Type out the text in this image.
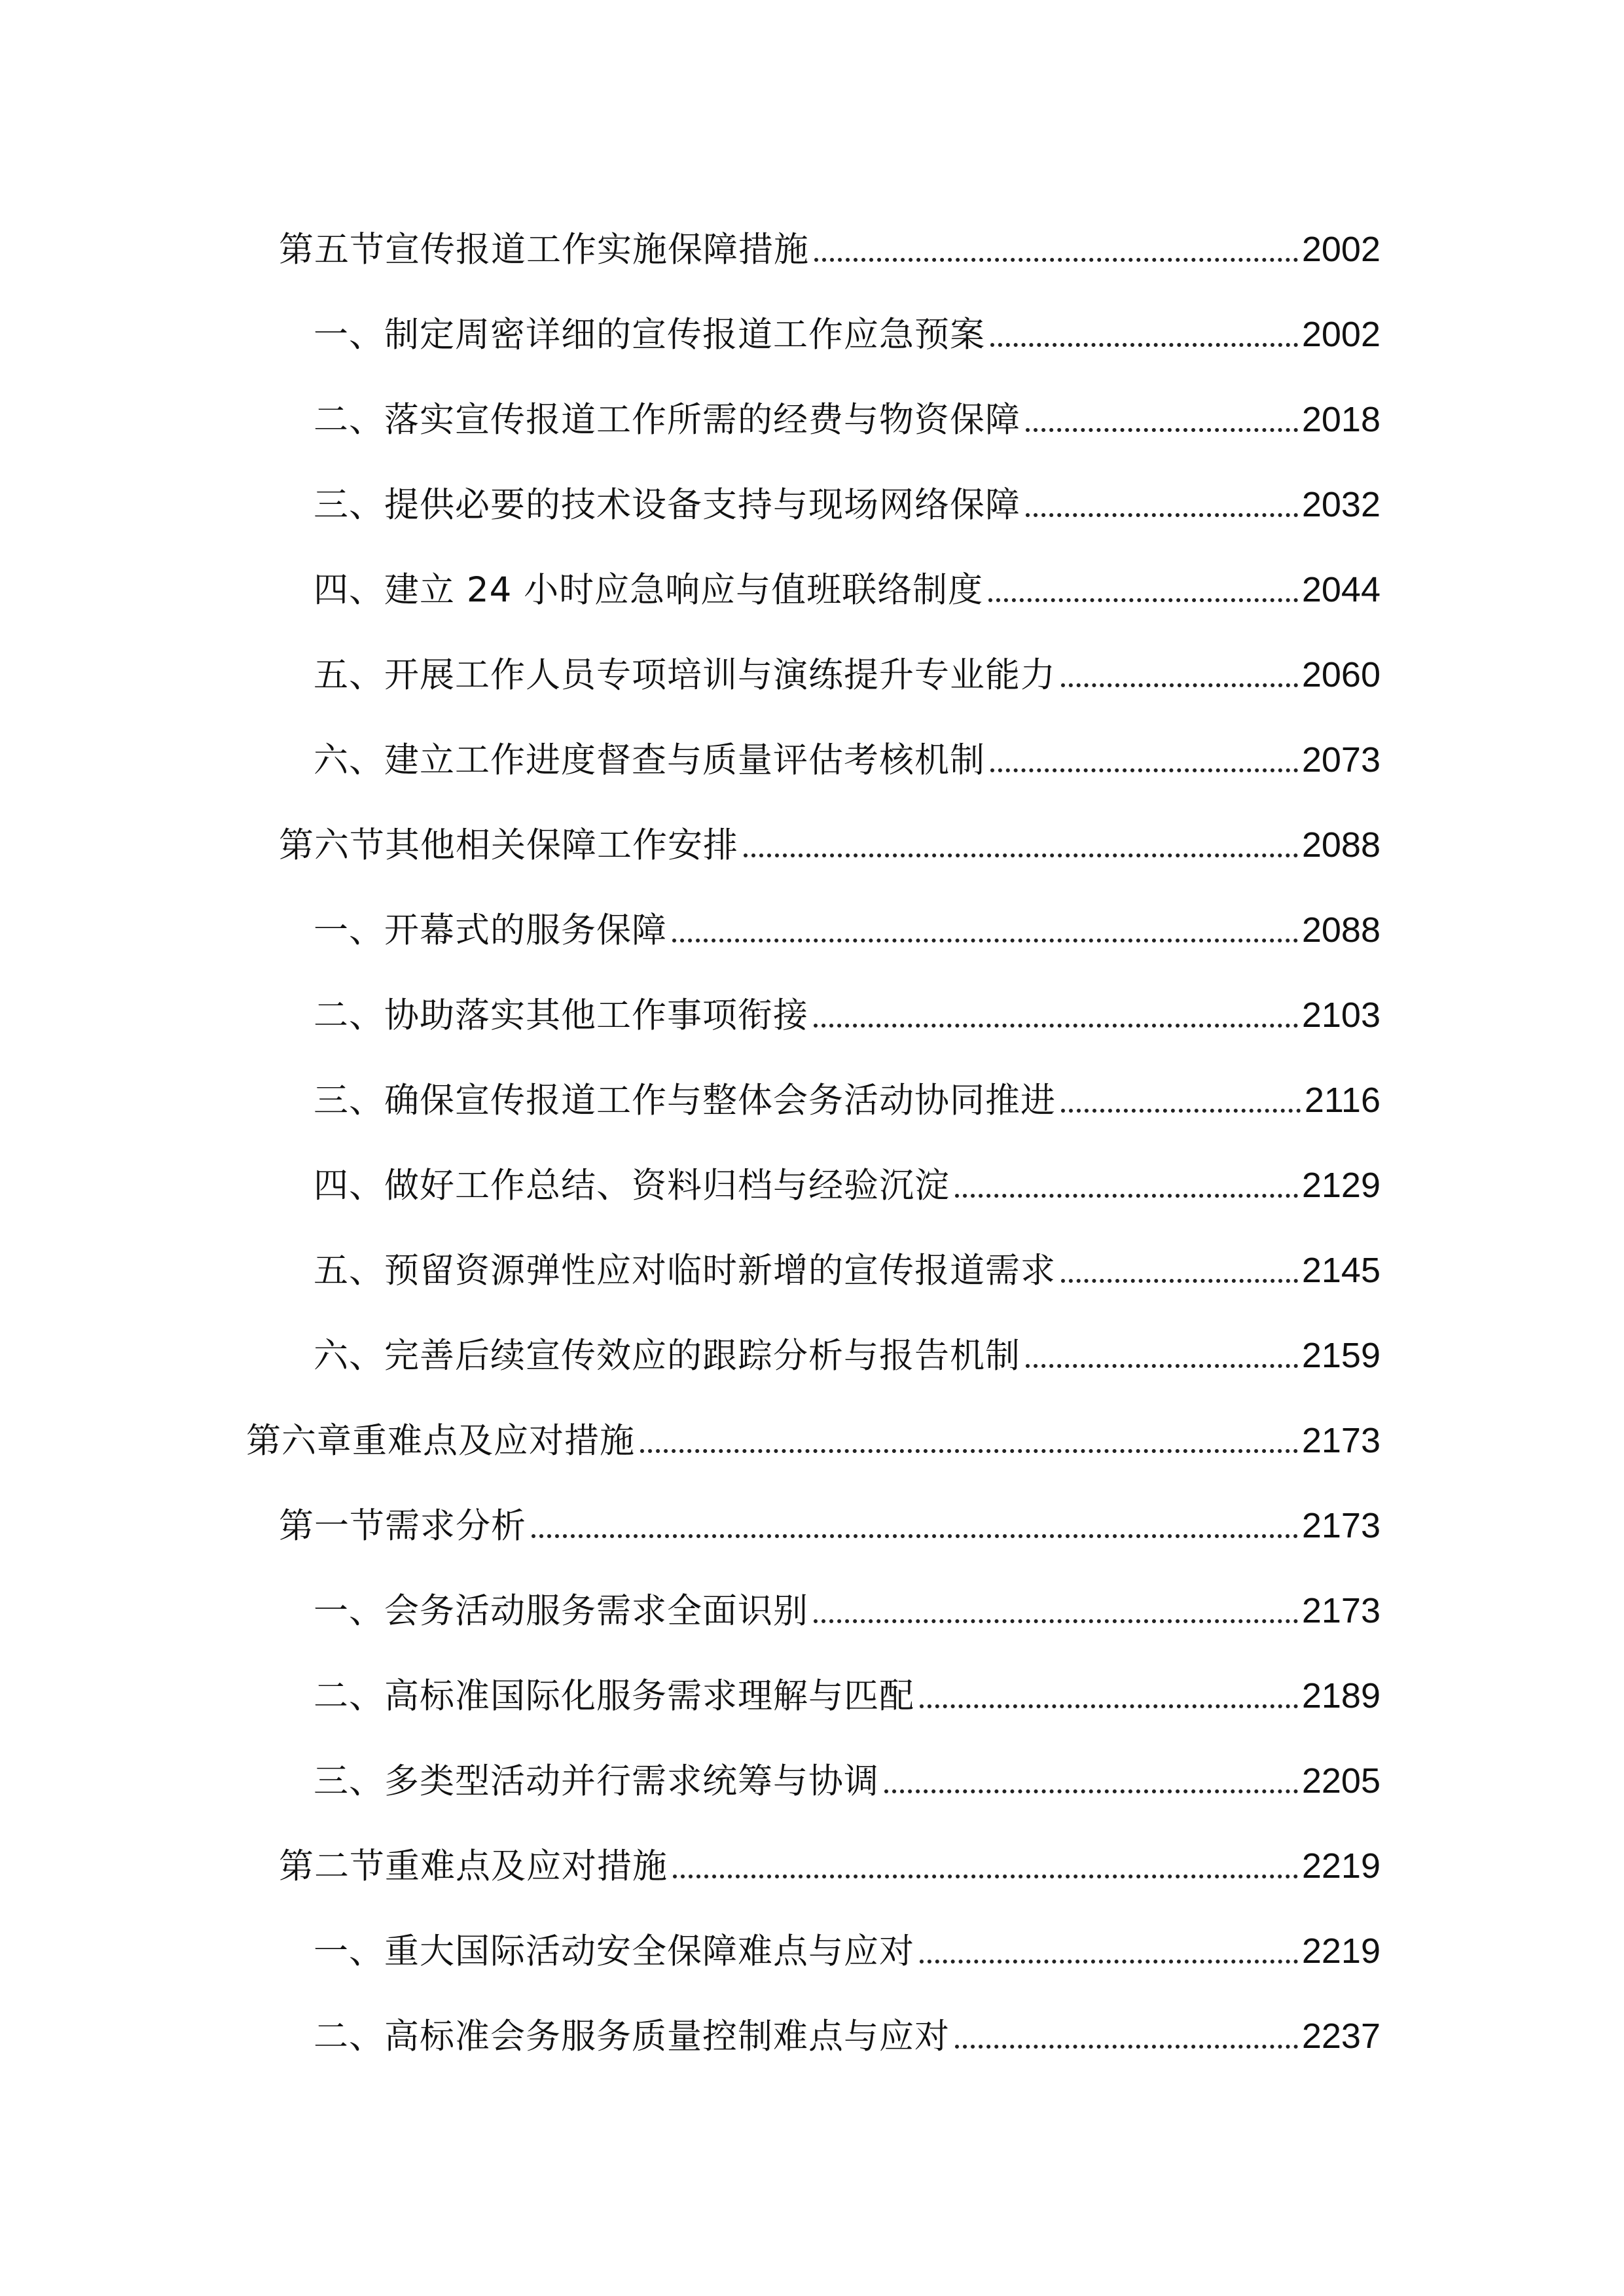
第五节宣传报道工作实施保障措施	2002
一、制定周密详细的宣传报道工作应急预案	2002
二、落实宣传报道工作所需的经费与物资保障	2018
三、提供必要的技术设备支持与现场网络保障	2032
四、建立 24 小时应急响应与值班联络制度	2044
五、开展工作人员专项培训与演练提升专业能力	2060
六、建立工作进度督查与质量评估考核机制	2073
第六节其他相关保障工作安排	2088
一、开幕式的服务保障	2088
二、协助落实其他工作事项衔接	2103
三、确保宣传报道工作与整体会务活动协同推进	2116
四、做好工作总结、资料归档与经验沉淀	2129
五、预留资源弹性应对临时新增的宣传报道需求	2145
六、完善后续宣传效应的跟踪分析与报告机制	2159
第六章重难点及应对措施	2173
第一节需求分析	2173
一、会务活动服务需求全面识别	2173
二、高标准国际化服务需求理解与匹配	2189
三、多类型活动并行需求统筹与协调	2205
第二节重难点及应对措施	2219
一、重大国际活动安全保障难点与应对	2219
二、高标准会务服务质量控制难点与应对	2237
